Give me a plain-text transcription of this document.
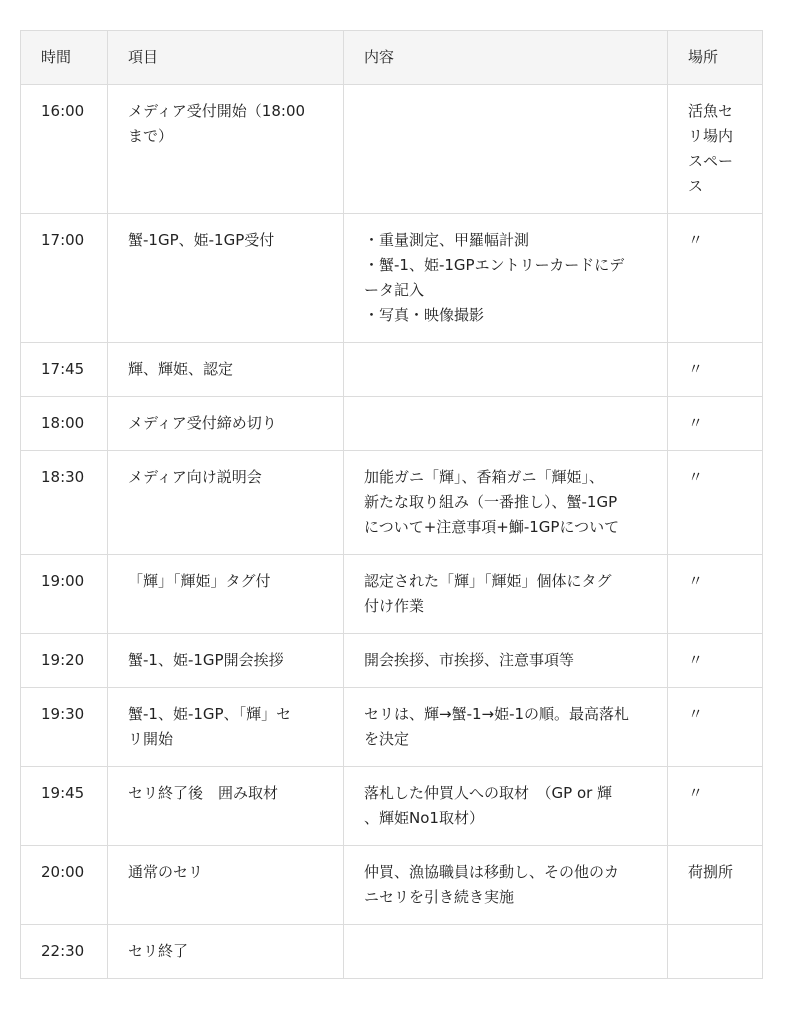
時間	項目	内容	場所
16:00	メディア受付開始（18:00
まで）		活魚セ
リ場内
スペー
ス

17:00	蟹-1GP、姫-1GP受付	・重量測定、甲羅幅計測
・蟹-1、姫-1GPエントリーカードにデ
ータ記入
・写真・映像撮影	〃

17:45	輝、輝姫、認定		〃

18:00	メディア受付締め切り		〃

18:30	メディア向け説明会	加能ガニ「輝」、香箱ガニ「輝姫」、
新たな取り組み（一番推し）、蟹-1GP
について+注意事項+鰤-1GPについて	〃

19:00	「輝」「輝姫」タグ付	認定された「輝」「輝姫」個体にタグ
付け作業	〃

19:20	蟹-1、姫-1GP開会挨拶	開会挨拶、市挨拶、注意事項等	〃

19:30	蟹-1、姫-1GP、「輝」セ
リ開始	セリは、輝→蟹-1→姫-1の順。最高落札
を決定	〃

19:45	セリ終了後　囲み取材	落札した仲買人への取材　（GP or 輝
、輝姫No1取材）	〃

20:00	通常のセリ	仲買、漁協職員は移動し、その他のカ
ニセリを引き続き実施	荷捌所

22:30	セリ終了		
